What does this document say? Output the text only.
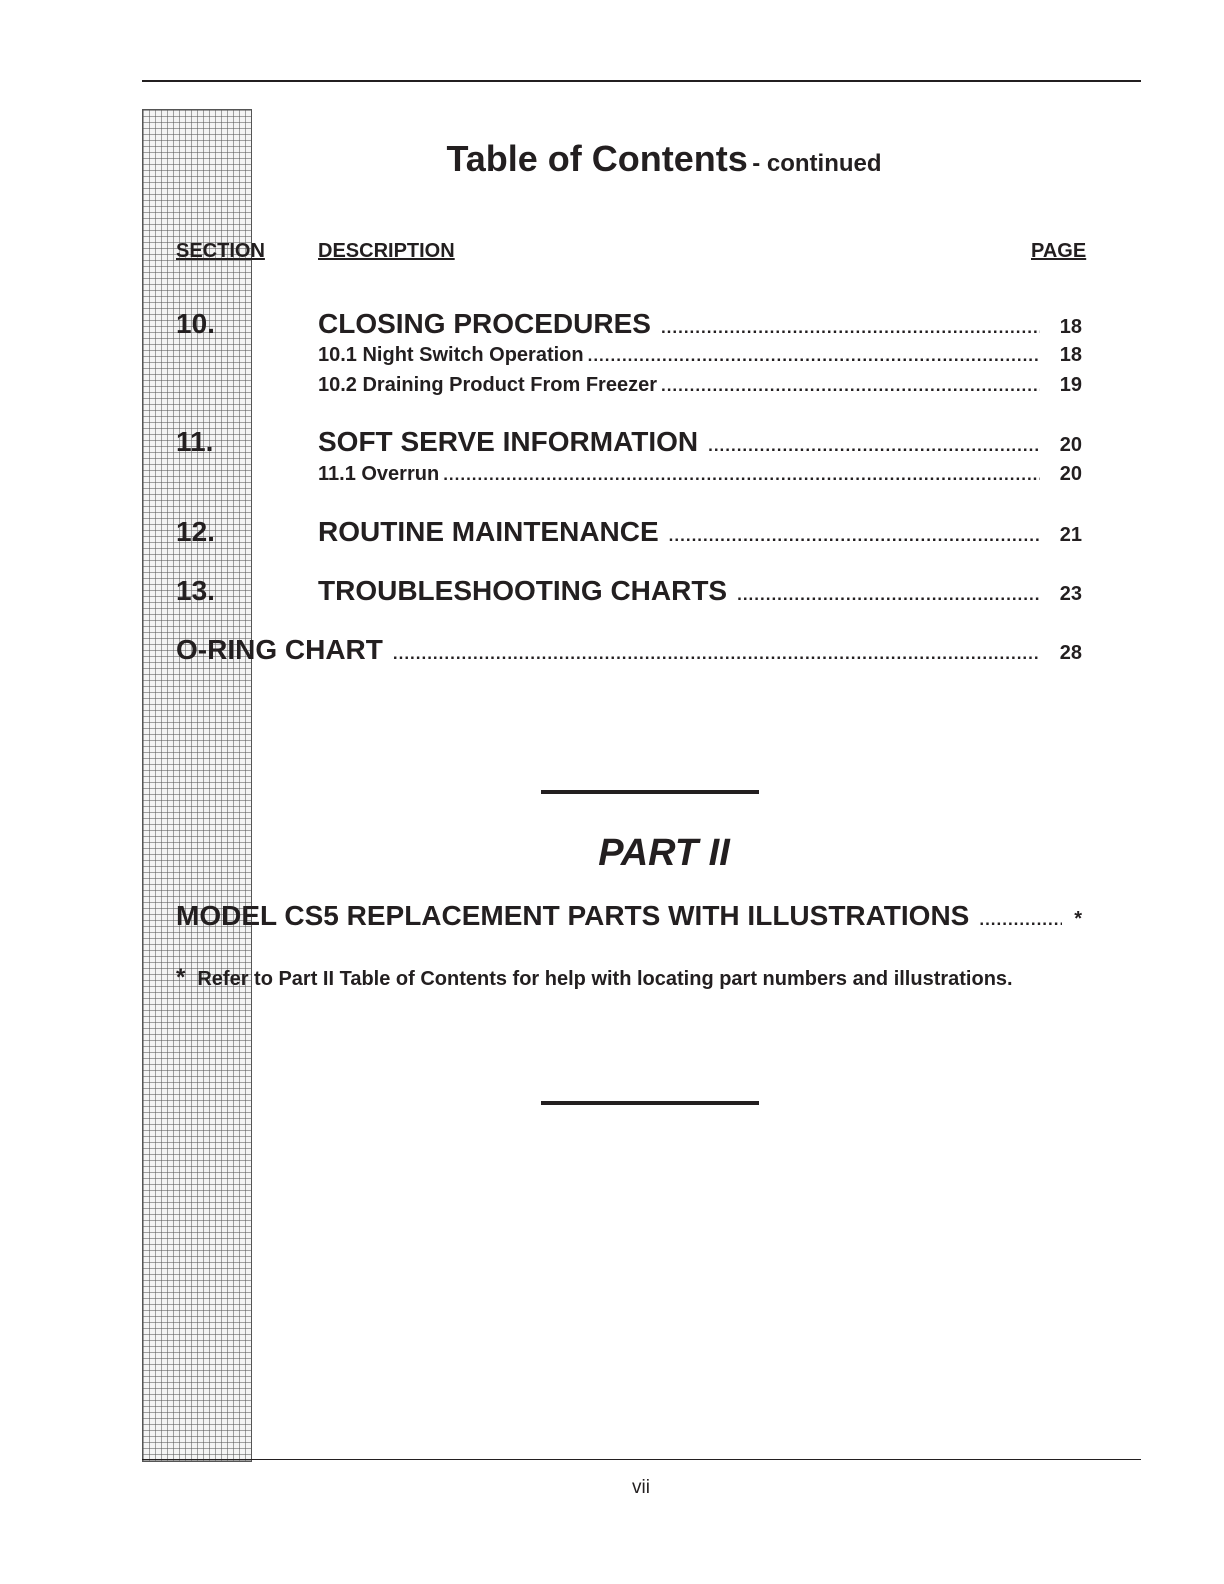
Table of Contents - continued
SECTION	DESCRIPTION	PAGE
10.	CLOSING PROCEDURES .....	18
10.1 Night Switch Operation .....	18
10.2 Draining Product From Freezer .....	19
11.	SOFT SERVE INFORMATION .....	20
11.1 Overrun .....	20
12.	ROUTINE MAINTENANCE .....	21
13.	TROUBLESHOOTING CHARTS .....	23
O-RING CHART .....	28
PART II
MODEL CS5 REPLACEMENT PARTS WITH ILLUSTRATIONS .....	*
* Refer to Part II Table of Contents for help with locating part numbers and illustrations.
vii
